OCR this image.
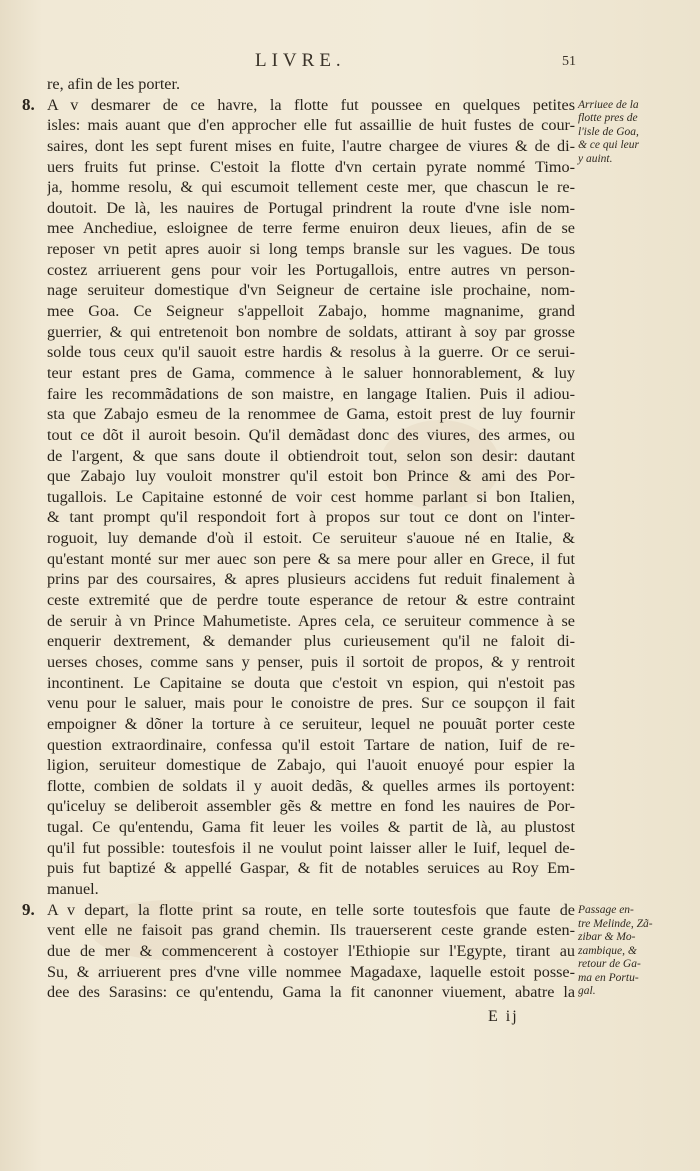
LIVRE.	51
re, afin de les porter.
A v desmarer de ce havre, la flotte fut poussee en quelques petites
isles: mais auant que d'en approcher elle fut assaillie de huit fustes de cour-
saires, dont les sept furent mises en fuite, l'autre chargee de viures & de di-
uers fruits fut prinse. C'estoit la flotte d'vn certain pyrate nommé Timo-
ja, homme resolu, & qui escumoit tellement ceste mer, que chascun le re-
doutoit. De là, les nauires de Portugal prindrent la route d'vne isle nom-
mee Anchediue, esloignee de terre ferme enuiron deux lieues, afin de se
reposer vn petit apres auoir si long temps bransle sur les vagues. De tous
costez arriuerent gens pour voir les Portugallois, entre autres vn person-
nage seruiteur domestique d'vn Seigneur de certaine isle prochaine, nom-
mee Goa. Ce Seigneur s'appelloit Zabajo, homme magnanime, grand
guerrier, & qui entretenoit bon nombre de soldats, attirant à soy par grosse
solde tous ceux qu'il sauoit estre hardis & resolus à la guerre. Or ce serui-
teur estant pres de Gama, commence à le saluer honnorablement, & luy
faire les recommãdations de son maistre, en langage Italien. Puis il adiou-
sta que Zabajo esmeu de la renommee de Gama, estoit prest de luy fournir
tout ce dõt il auroit besoin. Qu'il demãdast donc des viures, des armes, ou
de l'argent, & que sans doute il obtiendroit tout, selon son desir: dautant
que Zabajo luy vouloit monstrer qu'il estoit bon Prince & ami des Por-
tugallois. Le Capitaine estonné de voir cest homme parlant si bon Italien,
& tant prompt qu'il respondoit fort à propos sur tout ce dont on l'inter-
roguoit, luy demande d'où il estoit. Ce seruiteur s'auoue né en Italie, &
qu'estant monté sur mer auec son pere & sa mere pour aller en Grece, il fut
prins par des coursaires, & apres plusieurs accidens fut reduit finalement à
ceste extremité que de perdre toute esperance de retour & estre contraint
de seruir à vn Prince Mahumetiste. Apres cela, ce seruiteur commence à se
enquerir dextrement, & demander plus curieusement qu'il ne faloit di-
uerses choses, comme sans y penser, puis il sortoit de propos, & y rentroit
incontinent. Le Capitaine se douta que c'estoit vn espion, qui n'estoit pas
venu pour le saluer, mais pour le conoistre de pres. Sur ce soupçon il fait
empoigner & dõner la torture à ce seruiteur, lequel ne pouuãt porter ceste
question extraordinaire, confessa qu'il estoit Tartare de nation, Iuif de re-
ligion, seruiteur domestique de Zabajo, qui l'auoit enuoyé pour espier la
flotte, combien de soldats il y auoit dedãs, & quelles armes ils portoyent:
qu'iceluy se deliberoit assembler gẽs & mettre en fond les nauires de Por-
tugal. Ce qu'entendu, Gama fit leuer les voiles & partit de là, au plustost
qu'il fut possible: toutesfois il ne voulut point laisser aller le Iuif, lequel de-
puis fut baptizé & appellé Gaspar, & fit de notables seruices au Roy Em-
manuel.
A v depart, la flotte print sa route, en telle sorte toutesfois que faute de
vent elle ne faisoit pas grand chemin. Ils trauerserent ceste grande esten-
due de mer & commencerent à costoyer l'Ethiopie sur l'Egypte, tirant au
Su, & arriuerent pres d'vne ville nommee Magadaxe, laquelle estoit posse-
dee des Sarasins: ce qu'entendu, Gama la fit canonner viuement, abatre la
8.
9.
Arriuee de la
flotte pres de
l'isle de Goa,
& ce qui leur
y auint.
Passage en-
tre Melinde, Zã-
zibar & Mo-
zambique, &
retour de Ga-
ma en Portu-
gal.
E ij
